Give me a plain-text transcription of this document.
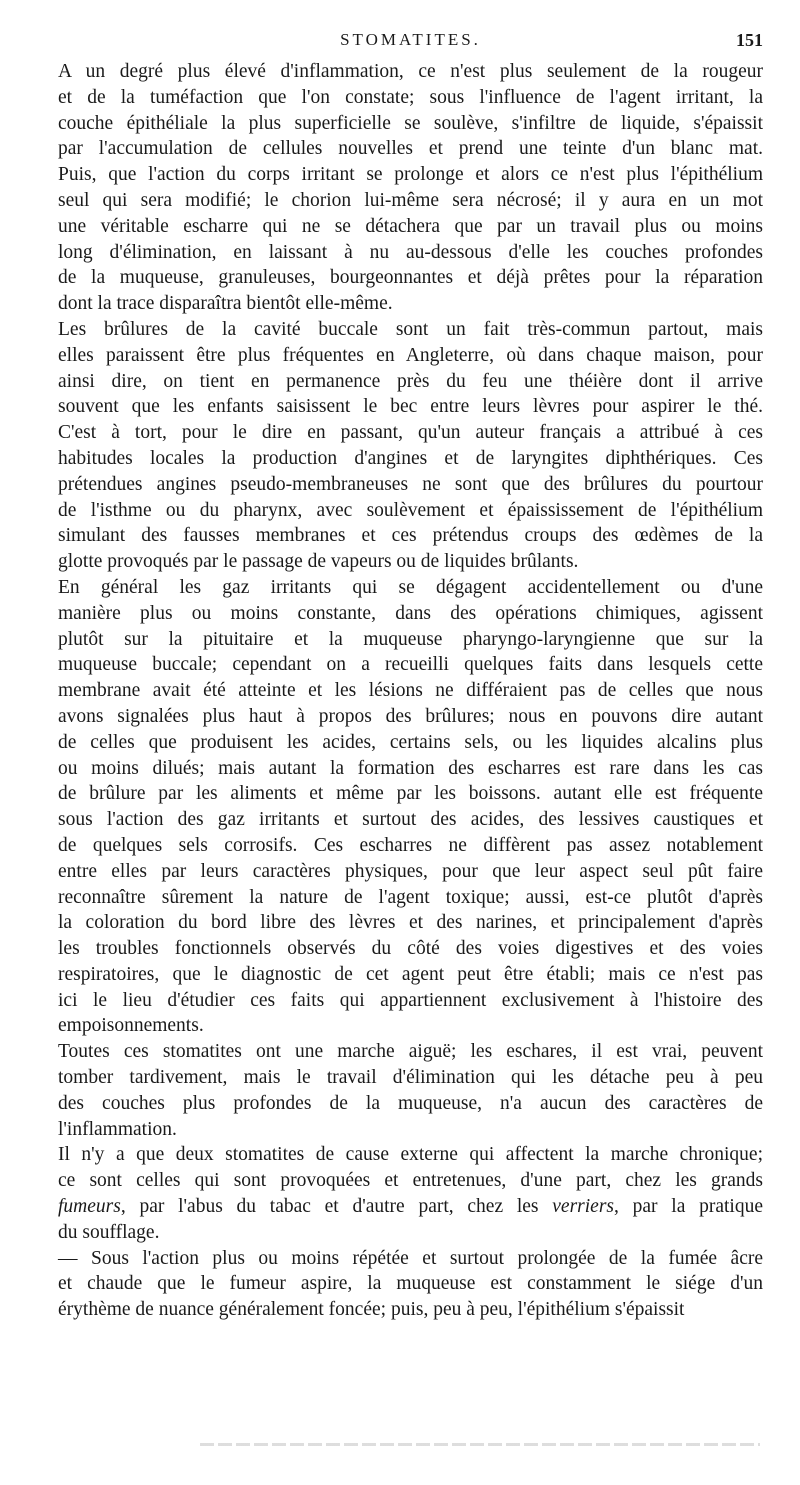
STOMATITES.	151
A un degré plus élevé d'inflammation, ce n'est plus seulement de la rougeur
et de la tuméfaction que l'on constate; sous l'influence de l'agent irritant, la
couche épithéliale la plus superficielle se soulève, s'infiltre de liquide, s'épaissit
par l'accumulation de cellules nouvelles et prend une teinte d'un blanc mat.
Puis, que l'action du corps irritant se prolonge et alors ce n'est plus l'épithélium
seul qui sera modifié; le chorion lui-même sera nécrosé; il y aura en un mot
une véritable escharre qui ne se détachera que par un travail plus ou moins
long d'élimination, en laissant à nu au-dessous d'elle les couches profondes
de la muqueuse, granuleuses, bourgeonnantes et déjà prêtes pour la réparation
dont la trace disparaîtra bientôt elle-même.
Les brûlures de la cavité buccale sont un fait très-commun partout, mais
elles paraissent être plus fréquentes en Angleterre, où dans chaque maison, pour
ainsi dire, on tient en permanence près du feu une théière dont il arrive
souvent que les enfants saisissent le bec entre leurs lèvres pour aspirer le thé.
C'est à tort, pour le dire en passant, qu'un auteur français a attribué à ces
habitudes locales la production d'angines et de laryngites diphthériques. Ces
prétendues angines pseudo-membraneuses ne sont que des brûlures du pourtour
de l'isthme ou du pharynx, avec soulèvement et épaississement de l'épithélium
simulant des fausses membranes et ces prétendus croups des œdèmes de la
glotte provoqués par le passage de vapeurs ou de liquides brûlants.
En général les gaz irritants qui se dégagent accidentellement ou d'une
manière plus ou moins constante, dans des opérations chimiques, agissent
plutôt sur la pituitaire et la muqueuse pharyngo-laryngienne que sur la
muqueuse buccale; cependant on a recueilli quelques faits dans lesquels cette
membrane avait été atteinte et les lésions ne différaient pas de celles que nous
avons signalées plus haut à propos des brûlures; nous en pouvons dire autant
de celles que produisent les acides, certains sels, ou les liquides alcalins plus
ou moins dilués; mais autant la formation des escharres est rare dans les cas
de brûlure par les aliments et même par les boissons. autant elle est fréquente
sous l'action des gaz irritants et surtout des acides, des lessives caustiques et
de quelques sels corrosifs. Ces escharres ne diffèrent pas assez notablement
entre elles par leurs caractères physiques, pour que leur aspect seul pût faire
reconnaître sûrement la nature de l'agent toxique; aussi, est-ce plutôt d'après
la coloration du bord libre des lèvres et des narines, et principalement d'après
les troubles fonctionnels observés du côté des voies digestives et des voies
respiratoires, que le diagnostic de cet agent peut être établi; mais ce n'est pas
ici le lieu d'étudier ces faits qui appartiennent exclusivement à l'histoire des
empoisonnements.
Toutes ces stomatites ont une marche aiguë; les eschares, il est vrai, peuvent
tomber tardivement, mais le travail d'élimination qui les détache peu à peu
des couches plus profondes de la muqueuse, n'a aucun des caractères de
l'inflammation.
Il n'y a que deux stomatites de cause externe qui affectent la marche chronique;
ce sont celles qui sont provoquées et entretenues, d'une part, chez les grands
fumeurs, par l'abus du tabac et d'autre part, chez les verriers, par la pratique
du soufflage.
— Sous l'action plus ou moins répétée et surtout prolongée de la fumée âcre
et chaude que le fumeur aspire, la muqueuse est constamment le siége d'un
érythème de nuance généralement foncée; puis, peu à peu, l'épithélium s'épaissit
